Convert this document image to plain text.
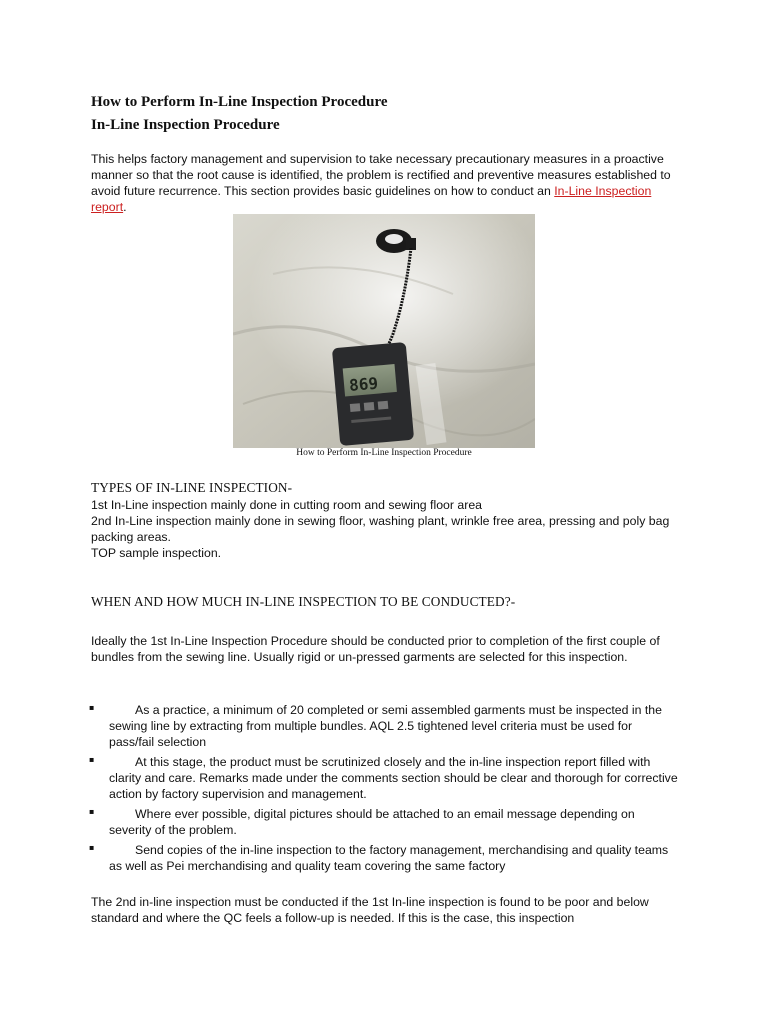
How to Perform In-Line Inspection Procedure
In-Line Inspection Procedure
This helps factory management and supervision to take necessary precautionary measures in a proactive manner so that the root cause is identified, the problem is rectified and preventive measures established to avoid future recurrence. This section provides basic guidelines on how to conduct an In-Line Inspection report.
869
How to Perform In-Line Inspection Procedure
TYPES OF IN-LINE INSPECTION-
1st In-Line inspection mainly done in cutting room and sewing floor area
2nd In-Line inspection mainly done in sewing floor, washing plant, wrinkle free area, pressing and poly bag packing areas.
TOP sample inspection.
WHEN AND HOW MUCH IN-LINE INSPECTION TO BE CONDUCTED?-
Ideally the 1st In-Line Inspection Procedure should be conducted prior to completion of the first couple of bundles from the sewing line. Usually rigid or un-pressed garments are selected for this inspection.
▪	As a practice, a minimum of 20 completed or semi assembled garments must be inspected in the sewing line by extracting from multiple bundles. AQL 2.5 tightened level criteria must be used for pass/fail selection
▪	At this stage, the product must be scrutinized closely and the in-line inspection report filled with clarity and care. Remarks made under the comments section should be clear and thorough for corrective action by factory supervision and management.
▪	Where ever possible, digital pictures should be attached to an email message depending on severity of the problem.
▪	Send copies of the in-line inspection to the factory management, merchandising and quality teams as well as Pei merchandising and quality team covering the same factory
The 2nd in-line inspection must be conducted if the 1st In-line inspection is found to be poor and below standard and where the QC feels a follow-up is needed. If this is the case, this inspection
